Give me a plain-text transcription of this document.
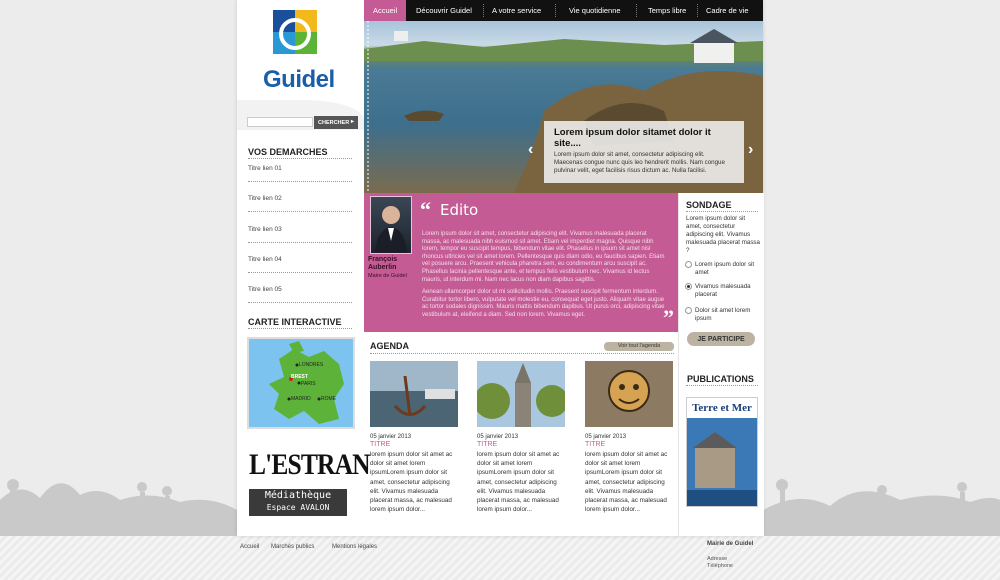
Guidel
CHERCHER ▸
VOS DEMARCHES
Titre lien 01
Titre lien 02
Titre lien 03
Titre lien 04
Titre lien 05
CARTE INTERACTIVE
LONDRES
BREST
PARIS
MADRID ROME
L'ESTRAN
Médiathèque
Espace AVALON
Accueil	Découvrir Guidel	A votre service	Vie quotidienne	Temps libre	Cadre de vie
‹	›
Lorem ipsum dolor sitamet dolor it site....

Lorem ipsum dolor sit amet, consectetur adipiscing elit. Maecenas congue nunc quis leo hendrerit mollis. Nam congue pulvinar velit, eget facilisis risus dictum ac. Nulla facilisi.

François Auberlin
Maire de Guidel
“ Edito

Lorem ipsum dolor sit amet, consectetur adipiscing elit. Vivamus malesuada placerat massa, ac malesuada nibh euismod sit amet. Etiam vel imperdiet magna. Quisque nibh lorem, tempor eu suscipit tempus, bibendum vitae elit. Phasellus in ipsum sit amet nisl rhoncus ultricies vel sit amet lorem. Pellentesque quis diam odio, eu faucibus sapien. Etiam vel posuere arcu. Praesent vehicula pharetra sem, eu condimentum arcu suscipit ac. Phasellus lacinia pellentesque ante, et tempus felis vestibulum nec. Vivamus id lectus mauris, ut interdum mi. Nam nec lacus non diam dapibus sagittis.

Aenean ullamcorper dolor ut mi sollicitudin mollis. Praesent suscipit fermentum interdum. Curabitur tortor libero, vulputate vel molestie eu, consequat eget justo. Aliquam vitae augue ac tortor sodales dignissim. Mauris mattis bibendum dapibus. Ut purus orci, adipiscing vitae vestibulum at, eleifend a diam. Sed non lorem. Vivamus eget.	”
SONDAGE
Lorem ipsum dolor sit amet, consectetur adipiscing elit. Vivamus malesuada placerat massa ?
Lorem ipsum dolor sit amet
Vivamus malesuada placerat
Dolor sit amet lorem ipsum
JE PARTICIPE
PUBLICATIONS
Terre et Mer
AGENDA	Voir tout l'agenda
05 janvier 2013
TITRE
lorem ipsum dolor sit amet ac dolor sit amet lorem ipsumLorem ipsum dolor sit amet, consectetur adipiscing elit. Vivamus malesuada placerat massa, ac malesuad lorem ipsum dolor...
05 janvier 2013
TITRE
lorem ipsum dolor sit amet ac dolor sit amet lorem ipsumLorem ipsum dolor sit amet, consectetur adipiscing elit. Vivamus malesuada placerat massa, ac malesuad lorem ipsum dolor...
05 janvier 2013
TITRE
lorem ipsum dolor sit amet ac dolor sit amet lorem ipsumLorem ipsum dolor sit amet, consectetur adipiscing elit. Vivamus malesuada placerat massa, ac malesuad lorem ipsum dolor...
Accueil Marchés publics	Mentions légales	Mairie de Guidel
Adresse
Téléphone
